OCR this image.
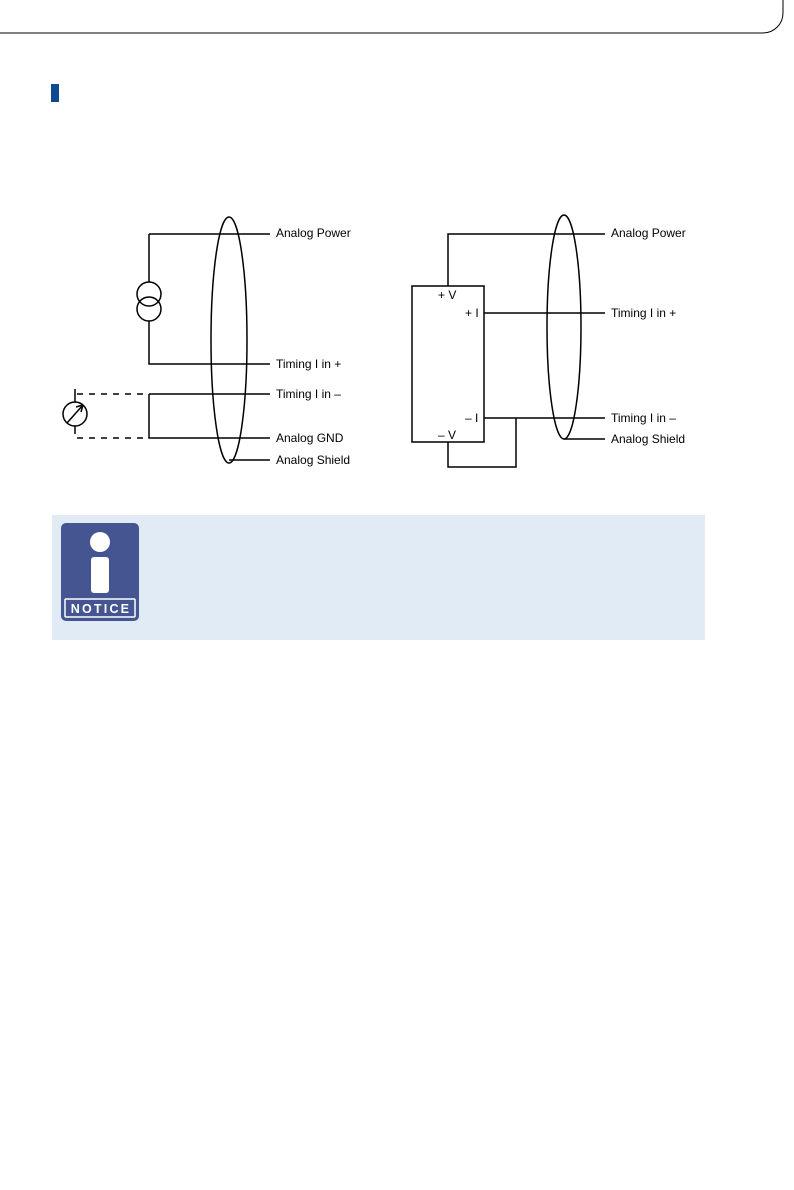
Analog Power
Timing I in +
Timing I in –
Analog GND
Analog Shield
+ V
+ I
– I
– V
Analog Power
Timing I in +
Timing I in –
Analog Shield
NOTICE
